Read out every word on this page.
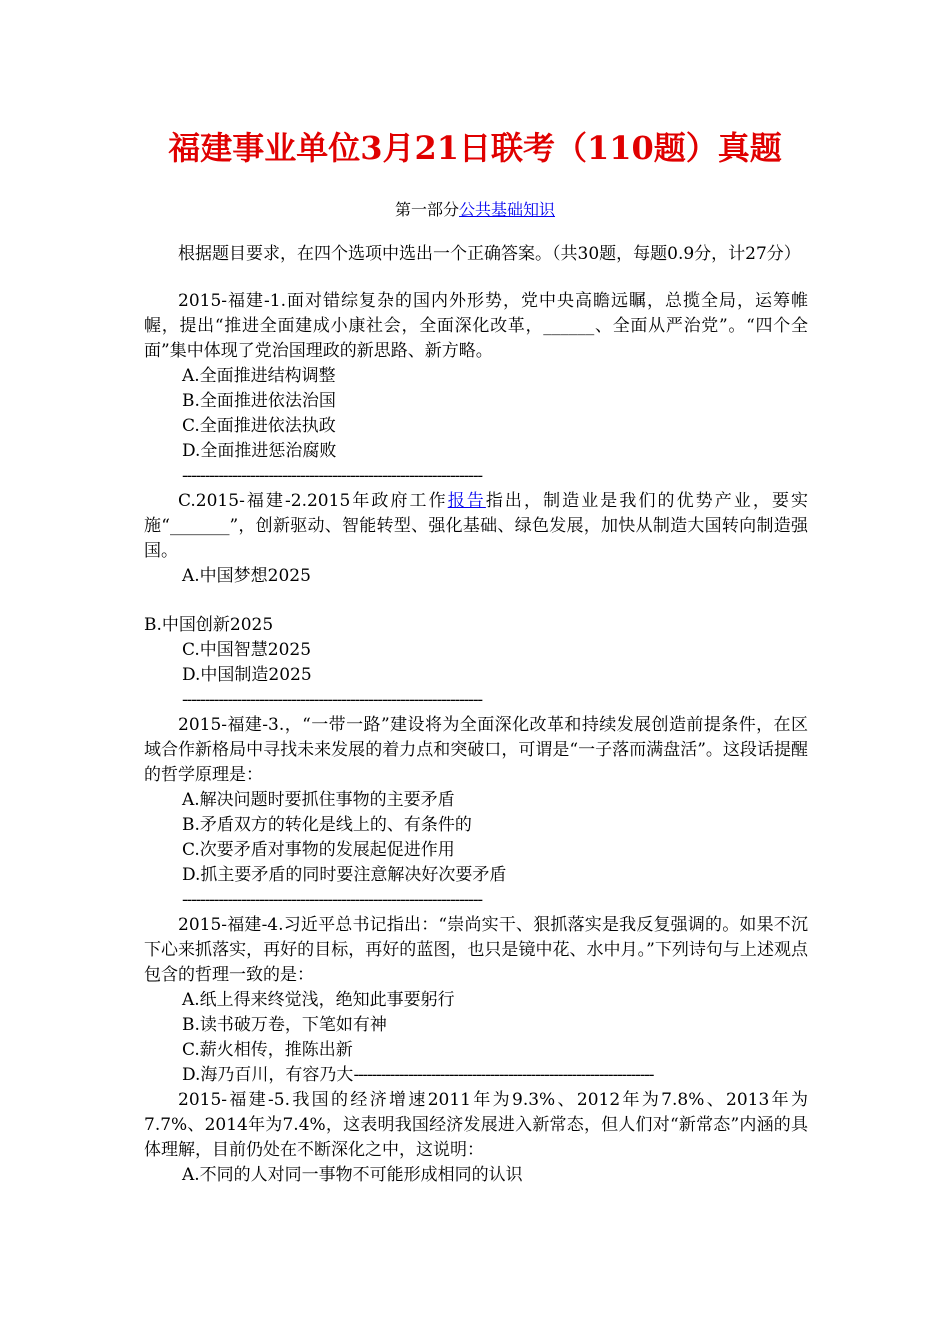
福建事业单位3月21日联考（110题）真题
第一部分公共基础知识

根据题目要求，在四个选项中选出一个正确答案。（共30题，每题0.9分，计27分）

2015-福建-1.面对错综复杂的国内外形势，党中央高瞻远瞩，总揽全局，运筹帷幄，提出“推进全面建成小康社会，全面深化改革，______、全面从严治党”。“四个全面”集中体现了党治国理政的新思路、新方略。

A.全面推进结构调整

B.全面推进依法治国

C.全面推进依法执政

D.全面推进惩治腐败

------------------------------------------------------------------

C.2015-福建-2.2015年政府工作报告指出，制造业是我们的优势产业，要实施“_______”，创新驱动、智能转型、强化基础、绿色发展，加快从制造大国转向制造强国。

A.中国梦想2025

B.中国创新2025

C.中国智慧2025

D.中国制造2025

------------------------------------------------------------------

2015-福建-3.，“一带一路”建设将为全面深化改革和持续发展创造前提条件，在区域合作新格局中寻找未来发展的着力点和突破口，可谓是“一子落而满盘活”。这段话提醒的哲学原理是：

A.解决问题时要抓住事物的主要矛盾

B.矛盾双方的转化是线上的、有条件的

C.次要矛盾对事物的发展起促进作用

D.抓主要矛盾的同时要注意解决好次要矛盾

------------------------------------------------------------------

2015-福建-4.习近平总书记指出：“崇尚实干、狠抓落实是我反复强调的。如果不沉下心来抓落实，再好的目标，再好的蓝图，也只是镜中花、水中月。”下列诗句与上述观点包含的哲理一致的是：

A.纸上得来终觉浅，绝知此事要躬行

B.读书破万卷，下笔如有神

C.薪火相传，推陈出新

D.海乃百川，有容乃大------------------------------------------------------------------

2015-福建-5.我国的经济增速2011年为9.3%、2012年为7.8%、2013年为7.7%、2014年为7.4%，这表明我国经济发展进入新常态，但人们对“新常态”内涵的具体理解，目前仍处在不断深化之中，这说明：

A.不同的人对同一事物不可能形成相同的认识
